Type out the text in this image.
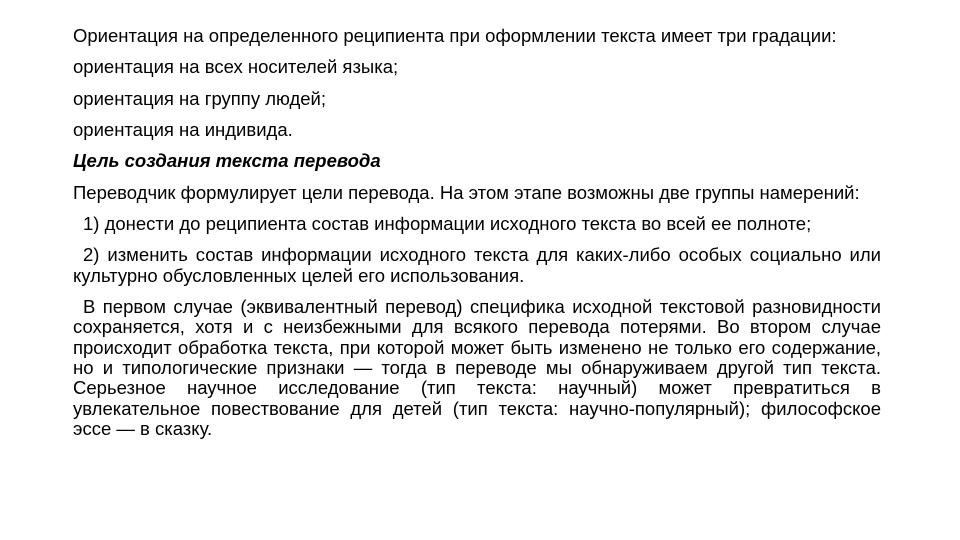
Ориентация на определенного реципиента при оформлении текста имеет три градации:

ориентация на всех носителей языка;

ориентация на группу людей;

ориентация на индивида.

Цель создания текста перевода

Переводчик формулирует цели перевода. На этом этапе возможны две группы намерений:

1) донести до реципиента состав информации исходного текста во всей ее полноте;

2) изменить состав информации исходного текста для каких-либо особых социально или культурно обусловленных целей его использования.

В первом случае (эквивалентный перевод) специфика исходной текстовой разновидности сохраняется, хотя и с неизбежными для всякого перевода потерями. Во втором случае происходит обработка текста, при которой может быть изменено не только его содержание, но и типологические признаки — тогда в переводе мы обнаруживаем другой тип текста. Серьезное научное исследование (тип текста: научный) может превратиться в увлекательное повествование для детей (тип текста: научно-популярный); философское эссе — в сказку.
